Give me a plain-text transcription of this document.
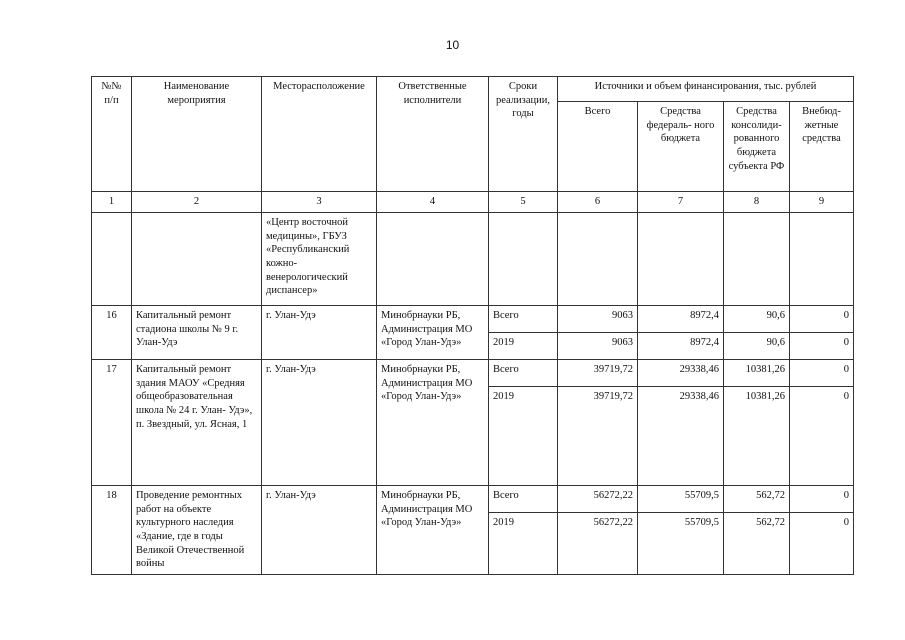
10
№№ п/п	Наименование мероприятия	Месторасположение	Ответственные исполнители	Сроки реализации, годы	Источники и объем финансирования, тыс. рублей			
					Всего	Средства федераль- ного бюджета	Средства консолиди- рованного бюджета субъекта РФ	Внебюд- жетные средства
1	2	3	4	5	6	7	8	9
		«Центр восточной медицины», ГБУЗ «Республиканский кожно- венерологический диспансер»						
16	Капитальный ремонт стадиона школы № 9 г. Улан-Удэ	г. Улан-Удэ	Минобрнауки РБ, Администрация МО «Город Улан-Удэ»	Всего	9063	8972,4	90,6	0
				2019	9063	8972,4	90,6	0
17	Капитальный ремонт здания МАОУ «Средняя общеобразовательная школа № 24 г. Улан- Удэ», п. Звездный, ул. Ясная, 1	г. Улан-Удэ	Минобрнауки РБ, Администрация МО «Город Улан-Удэ»	Всего	39719,72	29338,46	10381,26	0
				2019	39719,72	29338,46	10381,26	0
18	Проведение ремонтных работ на объекте культурного наследия «Здание, где в годы Великой Отечественной войны	г. Улан-Удэ	Минобрнауки РБ, Администрация МО «Город Улан-Удэ»	Всего	56272,22	55709,5	562,72	0
				2019	56272,22	55709,5	562,72	0
